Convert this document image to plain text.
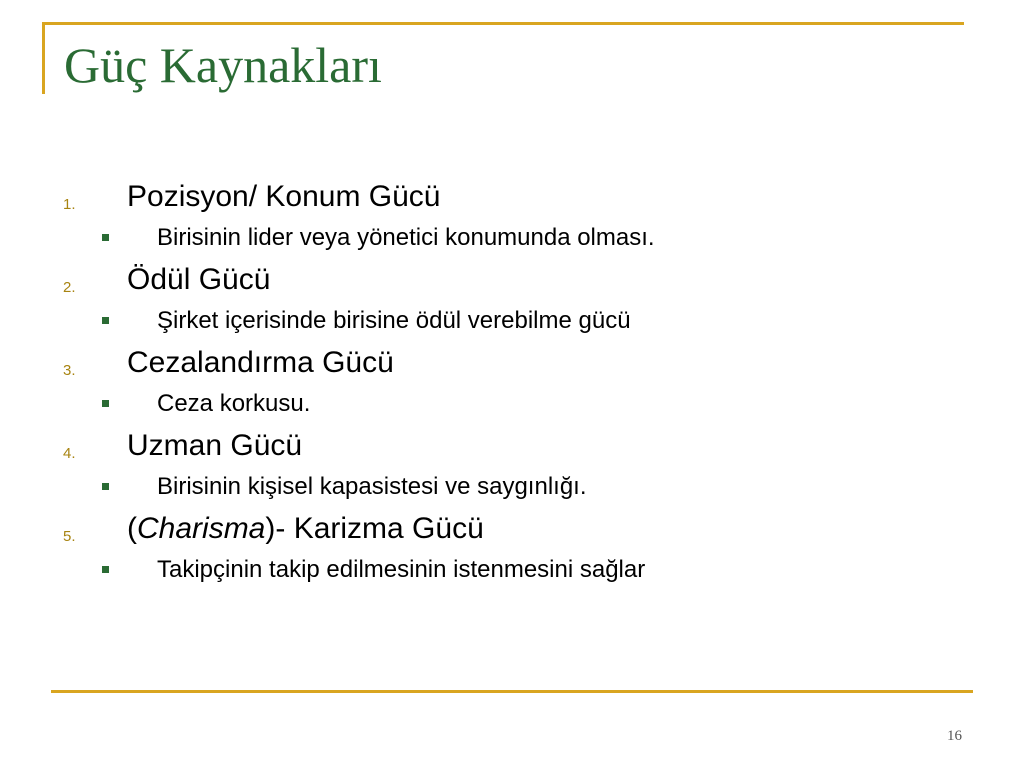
Güç Kaynakları
1. Pozisyon/ Konum Gücü
Birisinin lider veya yönetici konumunda olması.
2. Ödül Gücü
Şirket içerisinde birisine ödül verebilme gücü
3. Cezalandırma Gücü
Ceza korkusu.
4. Uzman Gücü
Birisinin kişisel kapasistesi ve saygınlığı.
5. (Charisma)- Karizma Gücü
Takipçinin takip edilmesinin istenmesini sağlar
16
